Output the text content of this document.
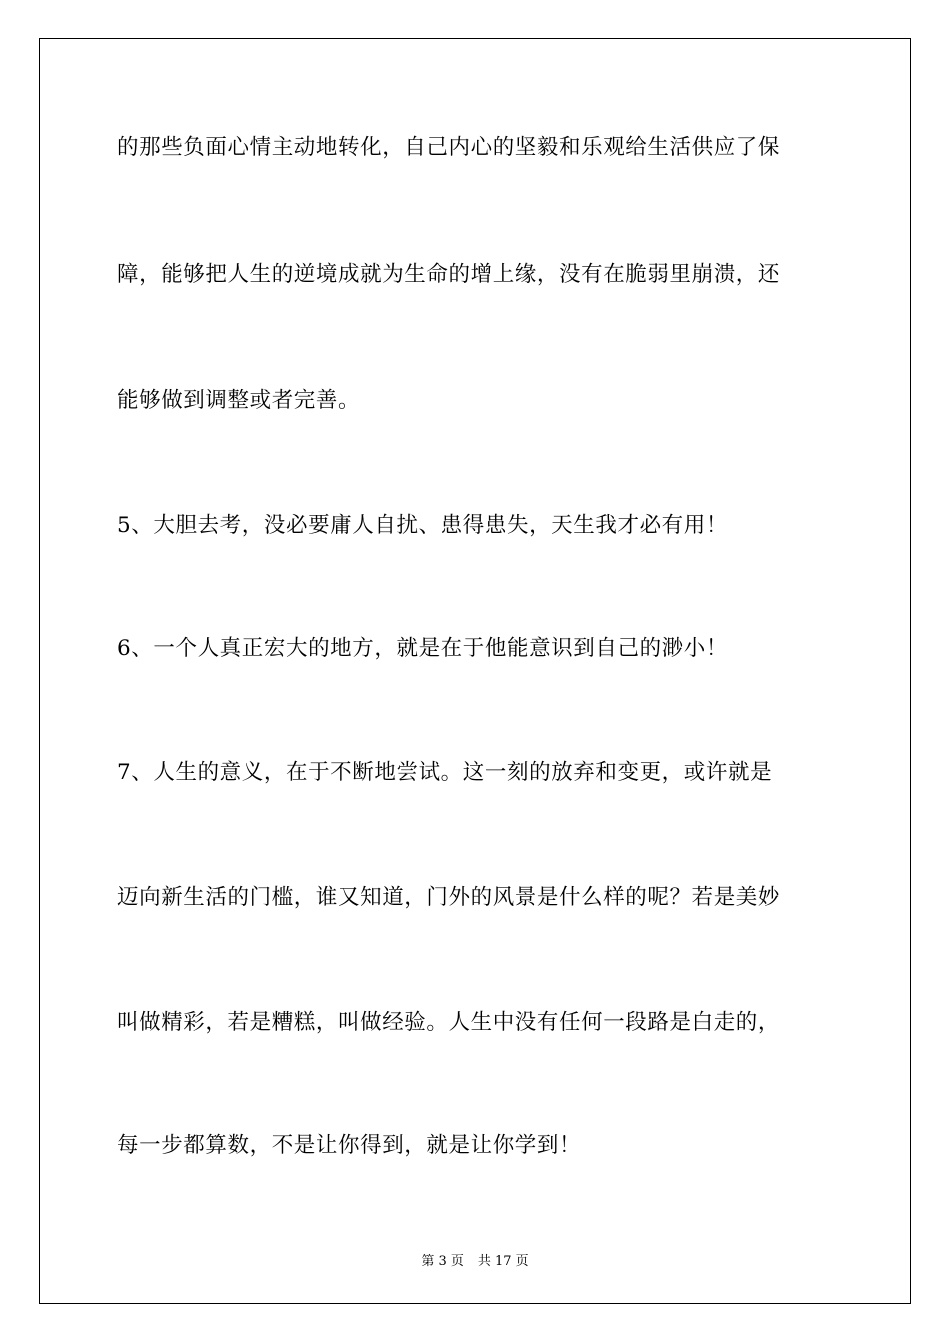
的那些负面心情主动地转化，自己内心的坚毅和乐观给生活供应了保
障，能够把人生的逆境成就为生命的增上缘，没有在脆弱里崩溃，还
能够做到调整或者完善。
5、大胆去考，没必要庸人自扰、患得患失，天生我才必有用！
6、一个人真正宏大的地方，就是在于他能意识到自己的渺小！
7、人生的意义，在于不断地尝试。这一刻的放弃和变更，或许就是
迈向新生活的门槛，谁又知道，门外的风景是什么样的呢？若是美妙
叫做精彩，若是糟糕，叫做经验。人生中没有任何一段路是白走的，
每一步都算数，不是让你得到，就是让你学到！
第 3 页 共 17 页
